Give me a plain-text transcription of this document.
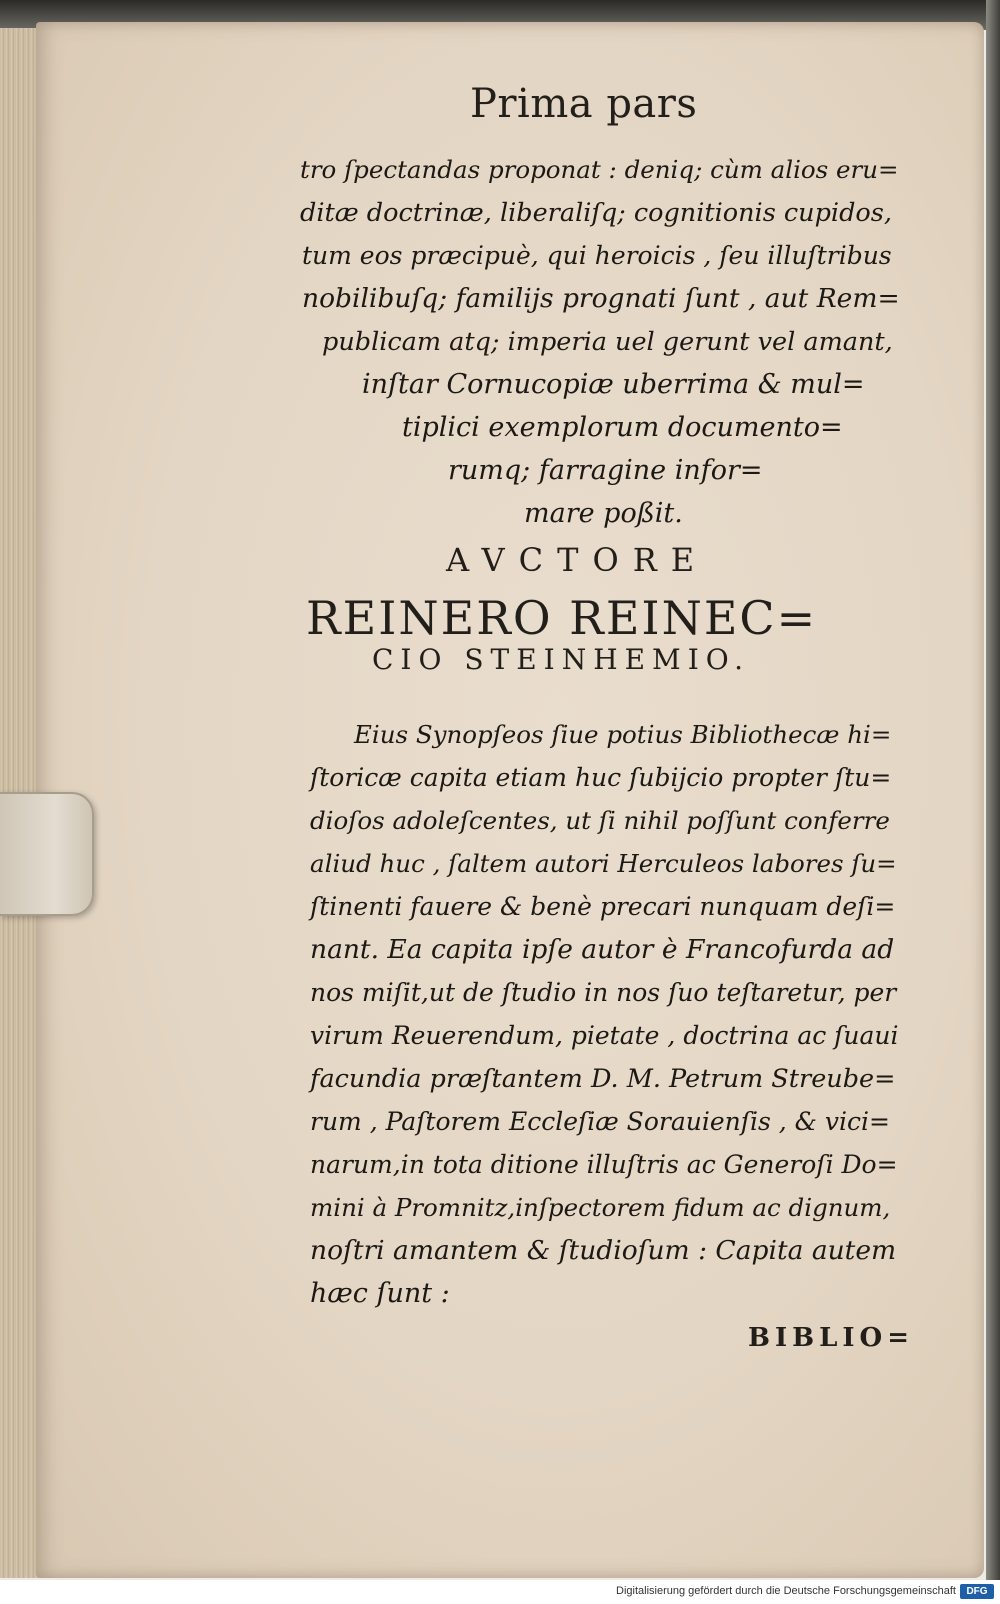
Prima pars
tro ſpectandas proponat : deniq; cùm alios eru=
ditæ doctrinæ, liberaliſq; cognitionis cupidos,
tum eos præcipuè, qui heroicis , ſeu illuſtribus
nobilibuſq; familijs prognati ſunt , aut Rem=
publicam atq; imperia uel gerunt vel amant,
inſtar Cornucopiæ uberrima & mul=
tiplici exemplorum documento=
rumq; farragine infor=
mare poßit.
AVCTORE
REINERO REINEC=
CIO STEINHEMIO.
Eius Synopſeos ſiue potius Bibliothecæ hi=
ſtoricæ capita etiam huc ſubijcio propter ſtu=
dioſos adoleſcentes, ut ſi nihil poſſunt conferre
aliud huc , ſaltem autori Herculeos labores ſu=
ſtinenti fauere & benè precari nunquam deſi=
nant. Ea capita ipſe autor è Francofurda ad
nos miſit,ut de ſtudio in nos ſuo teſtaretur, per
virum Reuerendum, pietate , doctrina ac ſuaui
facundia præſtantem D. M. Petrum Streube=
rum , Paſtorem Eccleſiæ Sorauienſis , & vici=
narum,in tota ditione illuſtris ac Generoſi Do=
mini à Promnitz,inſpectorem fidum ac dignum,
noſtri amantem & ſtudioſum : Capita autem
hæc ſunt :
BIBLIO=
Digitalisierung gefördert durch die Deutsche Forschungsgemeinschaft	DFG
